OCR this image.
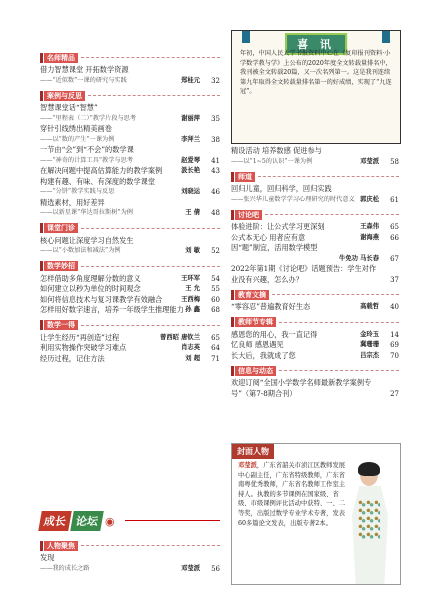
名师精品
借力智慧课堂 开拓数学资源
——“近似数”一课的研究与实践	郑桂元	32
案例与反思
智慧课堂话“智慧”
——“里程表（二）”教学片段与思考	谢丽萍	35
穿针引线绣出精美画卷
——以“数的产生”一课为例	李拜兰	38
一节由“会”到“不会”的数学课
——“神奇的计算工具”教学与思考	赵爱琴	41
在解决问题中提高估算能力的教学案例	汲长艳	43
构建有趣、有味、有深度的数学课堂
——“分饼”教学实践与反思	刘晓运	46
精选素材，用好差异
——以新星课“华达哥拉斯树”为例	王 倩	48
课堂门诊
核心问题让深度学习自然发生
——以“小数加法和减法”为例	刘 敏	52
数学妙招
怎样借助多角度理解分数的意义	王环军	54
如何建立以秒为单位的时间观念	王 允	55
如何将信息技术与复习课教学有效融合	王西梅	60
怎样用好数字速言，培养一年级学生推理能力 孙 鑫	68
数学一得
让学生经历“再创造”过程	曾西昭 唐钦兰	65
利用实物操作突破学习难点	肖志英	64
经历过程，记住方法	刘 超	71
喜 讯
年初，中国人民大学书报资料中心在《复印报刊资料·小学数学教与学》上公布的2020年度全文转载量排名中，我刊被全文转载20篇，又一次名列第一。这是我刊连续第九年取得全文转载量排名第一的好成绩，实现了“九连冠”。
精设活动 培养数感 促进参与
——以“1~5的认识”一课为例	邓莹派	58
师道
回归儿童，回归科学，回归实践
——张兴华儿童数学学习心理研究的时代意义 郭庆松	61
讨论吧
体验进阶：让公式学习更深刻	王森伟	65
公式本无心 用者应有意	谢海燕	66
因“题”制宜，活用数学模型

牛免功 马长春	67
2022年第1期《讨论吧》话题预告：学生对作业没有兴趣，怎么办？	37
教育文摘
“零容忍”普遍教育好生态	高载哲	40
教师节专辑
感恩您的用心，我一直记得	金玲玉	14
忆良师 感恩遇见	冀珊珊	69
长大后，我就成了您	吕宗杰	70
信息与动态
欢迎订阅“全国小学数学名师最新教学案例专号”（第7-8期合刊）	27
成长 论坛 ◉
人物聚焦
发现
——我的成长之路	邓莹派	56
封面人物
邓莹派，广东省韶关市浈江区教师发展中心副主任，广东省特级教师，广东省南粤优秀教师，广东省名教师工作室主持人。执教的多节课例在国家级、省级、市级课例评比活动中获特、一、二等奖，出版过数学专业学术专著，发表60多篇论文发表，出版专著2本。
